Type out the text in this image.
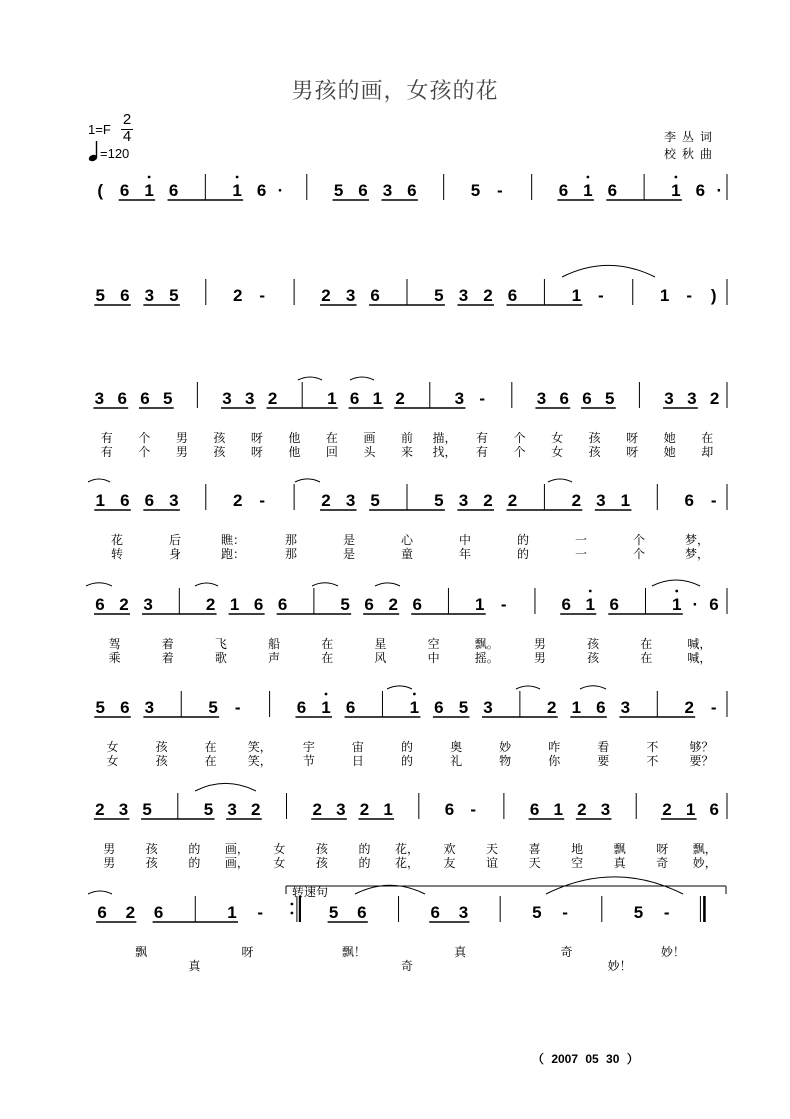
男孩的画，女孩的花
1=F
2
4
=120
李丛词
校秋曲
( 6 1 6	1 6 ·	5 6 3 6	5 -	6 1 6	1 6 ·
5 6 3 5	2 -	2 3 6	5 3 2 6	1 -	1 - )
3 6 6 5	3 3 2	1 6 1 2	3 -	3 6 6 5	3 3 2
有 个 男 孩 呀 他 在 画 前 描， 有 个 女 孩 呀 她 在
有 个 男 孩 呀 他 回 头 来 找， 有 个 女 孩 呀 她 却
1 6 6 3	2 -	2 3 5	5 3 2 2	2 3 1	6 -
花	后	瞧：	那	是	心	中	的	一	个	梦，
转	身	跑：	那	是	童	年	的	一	个	梦，
6 2 3	2 1 6 6	5 6 2 6	1 -	6 1 6	1 · 6
驾	着	飞	船	在	星	空	飘。	男	孩	在	喊，
乘	着	歌	声	在	风	中	摇。	男	孩	在	喊，
5 6 3	5 -	6 1 6	1 6 5 3	2 1 6 3	2 -
女	孩	在	笑，	宇	宙	的	奥	妙	咋	看	不	够？
女	孩	在	笑，	节	日	的	礼	物	你	要	不	要？
2 3 5	5 3 2	2 3 2 1	6 -	6 1 2 3	2 1 6
男	孩	的 画， 女	孩	的 花， 欢	天	喜	地	飘	呀 飘，
男	孩	的 画， 女	孩	的 花， 友	谊	天	空	真	奇 妙，
6 2 6	1 -	5 6	6 3	5 -	5 -
飘	呀	飘！	真	奇	妙！
真	奇	妙！
转速句
（ 2007 05 30 ）
